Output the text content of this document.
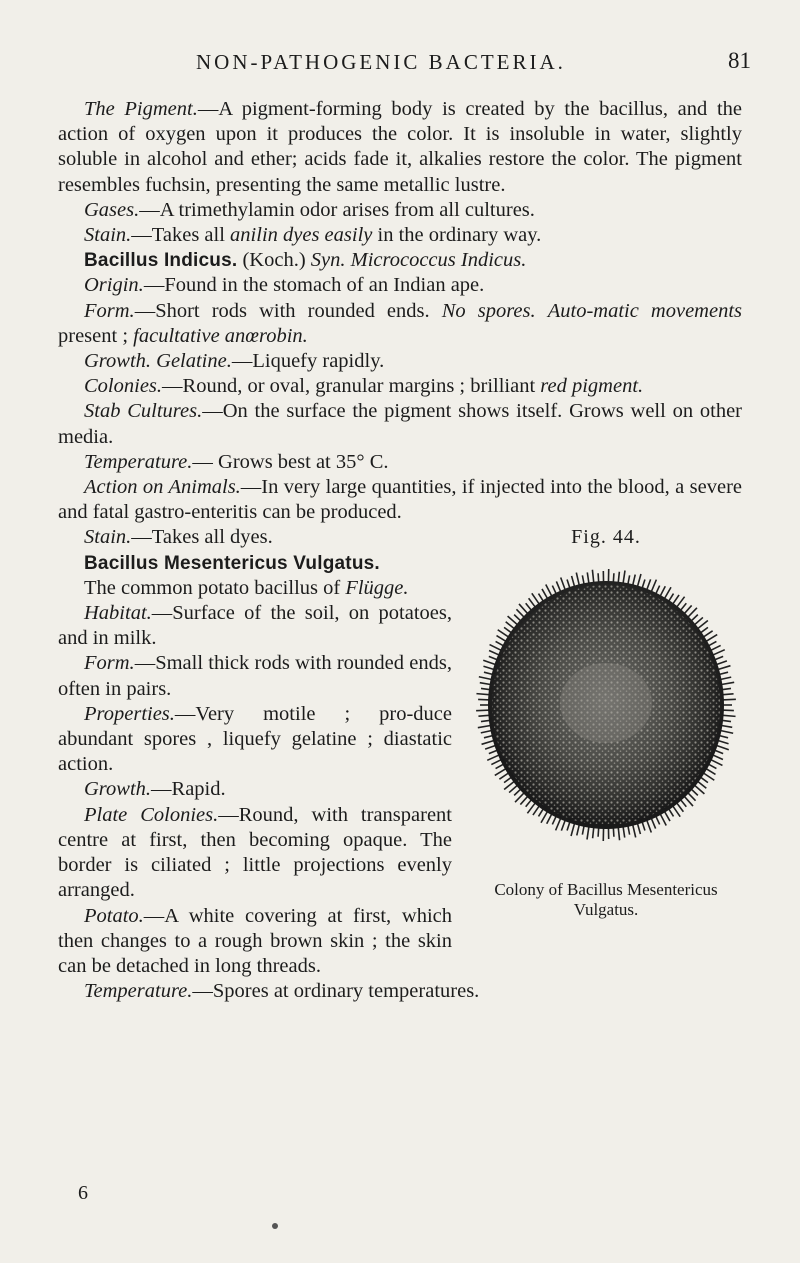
NON-PATHOGENIC BACTERIA.	81

The Pigment.—A pigment-forming body is created by the bacillus, and the action of oxygen upon it produces the color. It is insoluble in water, slightly soluble in alcohol and ether; acids fade it, alkalies restore the color. The pigment resembles fuchsin, presenting the same metallic lustre.

Gases.—A trimethylamin odor arises from all cultures.

Stain.—Takes all anilin dyes easily in the ordinary way.

Bacillus Indicus. (Koch.) Syn. Micrococcus Indicus.

Origin.—Found in the stomach of an Indian ape.

Form.—Short rods with rounded ends. No spores. Auto-matic movements present ; facultative anœrobin.

Growth. Gelatine.—Liquefy rapidly.

Colonies.—Round, or oval, granular margins ; brilliant red pigment.

Stab Cultures.—On the surface the pigment shows itself. Grows well on other media.

Temperature.— Grows best at 35° C.

Action on Animals.—In very large quantities, if injected into the blood, a severe and fatal gastro-enteritis can be produced.

Fig. 44.
Colony of Bacillus Mesentericus Vulgatus.

Stain.—Takes all dyes.

Bacillus Mesentericus Vulgatus.

The common potato bacillus of Flügge.

Habitat.—Surface of the soil, on potatoes, and in milk.

Form.—Small thick rods with rounded ends, often in pairs.

Properties.—Very motile ; pro-duce abundant spores , liquefy gelatine ; diastatic action.

Growth.—Rapid.

Plate Colonies.—Round, with transparent centre at first, then becoming opaque. The border is ciliated ; little projections evenly arranged.

Potato.—A white covering at first, which then changes to a rough brown skin ; the skin can be detached in long threads.

Temperature.—Spores at ordinary temperatures.

6
